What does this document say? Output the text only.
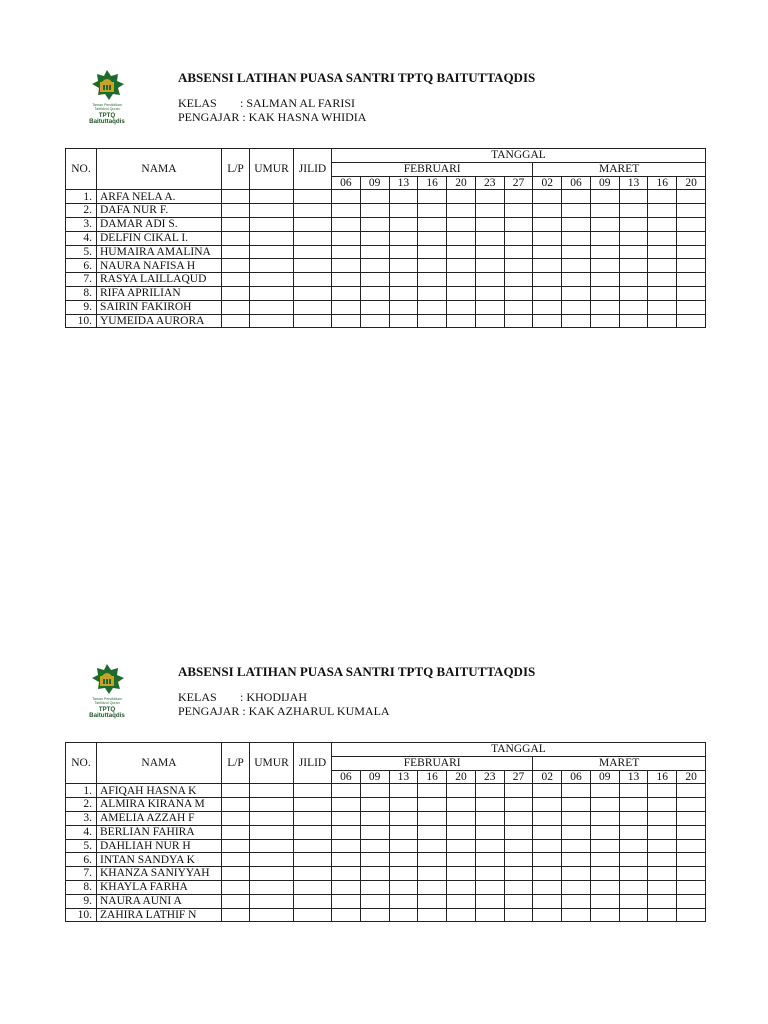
Taman Pendidikan
Tahfidzul Quran
TPTQ
Baituttaqdis
ABSENSI LATIHAN PUASA SANTRI TPTQ BAITUTTAQDIS
KELAS : SALMAN AL FARISI
PENGAJAR : KAK HASNA WHIDIA
NO.	NAMA	L/P	UMUR	JILID	TANGGAL												
					FEBRUARI							MARET					
					06	09	13	16	20	23	27	02	06	09	13	16	20
1.	ARFA NELA A.																
2.	DAFA NUR F.																
3.	DAMAR ADI S.																
4.	DELFIN CIKAL I.																
5.	HUMAIRA AMALINA																
6.	NAURA NAFISA H																
7.	RASYA LAILLAQUD																
8.	RIFA APRILIAN																
9.	SAIRIN FAKIROH																
10.	YUMEIDA AURORA																
Taman Pendidikan
Tahfidzul Quran
TPTQ
Baituttaqdis
ABSENSI LATIHAN PUASA SANTRI TPTQ BAITUTTAQDIS
KELAS : KHODIJAH
PENGAJAR : KAK AZHARUL KUMALA
NO.	NAMA	L/P	UMUR	JILID	TANGGAL												
					FEBRUARI							MARET					
					06	09	13	16	20	23	27	02	06	09	13	16	20
1.	AFIQAH HASNA K																
2.	ALMIRA KIRANA M																
3.	AMELIA AZZAH F																
4.	BERLIAN FAHIRA																
5.	DAHLIAH NUR H																
6.	INTAN SANDYA K																
7.	KHANZA SANIYYAH																
8.	KHAYLA FARHA																
9.	NAURA AUNI A																
10.	ZAHIRA LATHIF N																
